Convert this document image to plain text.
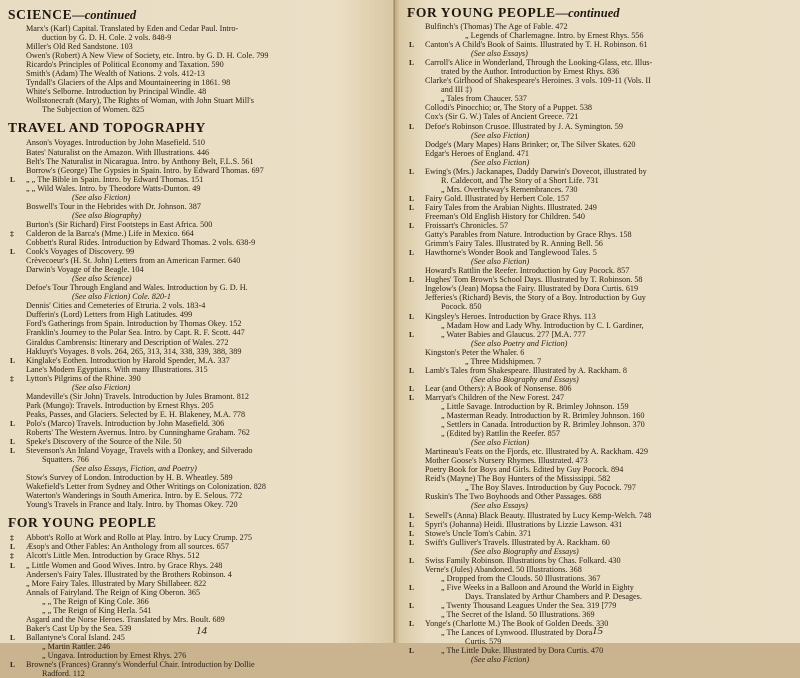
SCIENCE—continued
Marx's (Karl) Capital. Translated by Eden and Cedar Paul. Intro-
duction by G. D. H. Cole. 2 vols. 848-9
Miller's Old Red Sandstone. 103
Owen's (Robert) A New View of Society, etc. Intro. by G. D. H. Cole. 799
Ricardo's Principles of Political Economy and Taxation. 590
Smith's (Adam) The Wealth of Nations. 2 vols. 412-13
Tyndall's Glaciers of the Alps and Mountaineering in 1861. 98
White's Selborne. Introduction by Principal Windle. 48
Wollstonecraft (Mary), The Rights of Woman, with John Stuart Mill's
The Subjection of Women. 825
TRAVEL AND TOPOGRAPHY
Anson's Voyages. Introduction by John Masefield. 510
Bates' Naturalist on the Amazon. With Illustrations. 446
Belt's The Naturalist in Nicaragua. Intro. by Anthony Belt, F.L.S. 561
Borrow's (George) The Gypsies in Spain. Intro. by Edward Thomas. 697
L „ „ The Bible in Spain. Intro. by Edward Thomas. 151
„ „ Wild Wales. Intro. by Theodore Watts-Dunton. 49
(See also Fiction)
Boswell's Tour in the Hebrides with Dr. Johnson. 387
(See also Biography)
Burton's (Sir Richard) First Footsteps in East Africa. 500
‡ Calderon de la Barca's (Mme.) Life in Mexico. 664
Cobbett's Rural Rides. Introduction by Edward Thomas. 2 vols. 638-9
L Cook's Voyages of Discovery. 99
Crèvecoeur's (H. St. John) Letters from an American Farmer. 640
Darwin's Voyage of the Beagle. 104
(See also Science)
Defoe's Tour Through England and Wales. Introduction by G. D. H.
(See also Fiction) Cole. 820-1
Dennis' Cities and Cemeteries of Etruria. 2 vols. 183-4
Dufferin's (Lord) Letters from High Latitudes. 499
Ford's Gatherings from Spain. Introduction by Thomas Okey. 152
Franklin's Journey to the Polar Sea. Intro. by Capt. R. F. Scott. 447
Giraldus Cambrensis: Itinerary and Description of Wales. 272
Hakluyt's Voyages. 8 vols. 264, 265, 313, 314, 338, 339, 388, 389
L Kinglake's Eothen. Introduction by Harold Spender, M.A. 337
Lane's Modern Egyptians. With many Illustrations. 315
‡ Lytton's Pilgrims of the Rhine. 390
(See also Fiction)
Mandeville's (Sir John) Travels. Introduction by Jules Bramont. 812
Park (Mungo): Travels. Introduction by Ernest Rhys. 205
Peaks, Passes, and Glaciers. Selected by E. H. Blakeney, M.A. 778
L Polo's (Marco) Travels. Introduction by John Masefield. 306
Roberts' The Western Avernus. Intro. by Cunninghame Graham. 762
L Speke's Discovery of the Source of the Nile. 50
L Stevenson's An Inland Voyage, Travels with a Donkey, and Silverado
Squatters. 766
(See also Essays, Fiction, and Poetry)
Stow's Survey of London. Introduction by H. B. Wheatley. 589
Wakefield's Letter from Sydney and Other Writings on Colonization. 828
Waterton's Wanderings in South America. Intro. by E. Selous. 772
Young's Travels in France and Italy. Intro. by Thomas Okey. 720
FOR YOUNG PEOPLE
‡ Abbott's Rollo at Work and Rollo at Play. Intro. by Lucy Crump. 275
L Æsop's and Other Fables: An Anthology from all sources. 657
‡ Alcott's Little Men. Introduction by Grace Rhys. 512
L „ Little Women and Good Wives. Intro. by Grace Rhys. 248
Andersen's Fairy Tales. Illustrated by the Brothers Robinson. 4
„ More Fairy Tales. Illustrated by Mary Shillabeer. 822
Annals of Fairyland. The Reign of King Oberon. 365
„ „ The Reign of King Cole. 366
„ „ The Reign of King Herla. 541
Asgard and the Norse Heroes. Translated by Mrs. Boult. 689
Baker's Cast Up by the Sea. 539
L Ballantyne's Coral Island. 245
„ Martin Rattler. 246
„ Ungava. Introduction by Ernest Rhys. 276
L Browne's (Frances) Granny's Wonderful Chair. Introduction by Dollie
Radford. 112
14
FOR YOUNG PEOPLE—continued
Bulfinch's (Thomas) The Age of Fable. 472
„ Legends of Charlemagne. Intro. by Ernest Rhys. 556
L Canton's A Child's Book of Saints. Illustrated by T. H. Robinson. 61
(See also Essays)
L Carroll's Alice in Wonderland, Through the Looking-Glass, etc. Illus-
trated by the Author. Introduction by Ernest Rhys. 836
Clarke's Girlhood of Shakespeare's Heroines. 3 vols. 109-11 (Vols. II
and III ‡)
„ Tales from Chaucer. 537
Collodi's Pinocchio; or, The Story of a Puppet. 538
Cox's (Sir G. W.) Tales of Ancient Greece. 721
L Defoe's Robinson Crusoe. Illustrated by J. A. Symington. 59
(See also Fiction)
Dodge's (Mary Mapes) Hans Brinker; or, The Silver Skates. 620
Edgar's Heroes of England. 471
(See also Fiction)
L Ewing's (Mrs.) Jackanapes, Daddy Darwin's Dovecot, illustrated by
R. Caldecott, and The Story of a Short Life. 731
„ Mrs. Overtheway's Remembrances. 730
L Fairy Gold. Illustrated by Herbert Cole. 157
L Fairy Tales from the Arabian Nights. Illustrated. 249
Freeman's Old English History for Children. 540
L Froissart's Chronicles. 57
Gatty's Parables from Nature. Introduction by Grace Rhys. 158
Grimm's Fairy Tales. Illustrated by R. Anning Bell. 56
L Hawthorne's Wonder Book and Tanglewood Tales. 5
(See also Fiction)
Howard's Rattlin the Reefer. Introduction by Guy Pocock. 857
L Hughes' Tom Brown's School Days. Illustrated by T. Robinson. 58
Ingelow's (Jean) Mopsa the Fairy. Illustrated by Dora Curtis. 619
Jefferies's (Richard) Bevis, the Story of a Boy. Introduction by Guy
Pocock. 850
L Kingsley's Heroes. Introduction by Grace Rhys. 113
„ Madam How and Lady Why. Introduction by C. I. Gardiner,
L	„ Water Babies and Glaucus. 277 [M.A. 777
(See also Poetry and Fiction)
Kingston's Peter the Whaler. 6
„ Three Midshipmen. 7
L Lamb's Tales from Shakespeare. Illustrated by A. Rackham. 8
(See also Biography and Essays)
L Lear (and Others): A Book of Nonsense. 806
L Marryat's Children of the New Forest. 247
„ Little Savage. Introduction by R. Brimley Johnson. 159
„ Masterman Ready. Introduction by R. Brimley Johnson. 160
„ Settlers in Canada. Introduction by R. Brimley Johnson. 370
„ (Edited by) Rattlin the Reefer. 857
(See also Fiction)
Martineau's Feats on the Fjords, etc. Illustrated by A. Rackham. 429
Mother Goose's Nursery Rhymes. Illustrated. 473
Poetry Book for Boys and Girls. Edited by Guy Pocock. 894
Reid's (Mayne) The Boy Hunters of the Mississippi. 582
„ The Boy Slaves. Introduction by Guy Pocock. 797
Ruskin's The Two Boyhoods and Other Passages. 688
(See also Essays)
L Sewell's (Anna) Black Beauty. Illustrated by Lucy Kemp-Welch. 748
L Spyri's (Johanna) Heidi. Illustrations by Lizzie Lawson. 431
L Stowe's Uncle Tom's Cabin. 371
L Swift's Gulliver's Travels. Illustrated by A. Rackham. 60
(See also Biography and Essays)
L Swiss Family Robinson. Illustrations by Chas. Folkard. 430
Verne's (Jules) Abandoned. 50 Illustrations. 368
„ Dropped from the Clouds. 50 Illustrations. 367
L	„ Five Weeks in a Balloon and Around the World in Eighty
Days. Translated by Arthur Chambers and P. Desages.
L	„ Twenty Thousand Leagues Under the Sea. 319 [779
„ The Secret of the Island. 50 Illustrations. 369
L Yonge's (Charlotte M.) The Book of Golden Deeds. 330
„ The Lances of Lynwood. Illustrated by Dora
Curtis. 579
L	„ The Little Duke. Illustrated by Dora Curtis. 470
(See also Fiction)
15
